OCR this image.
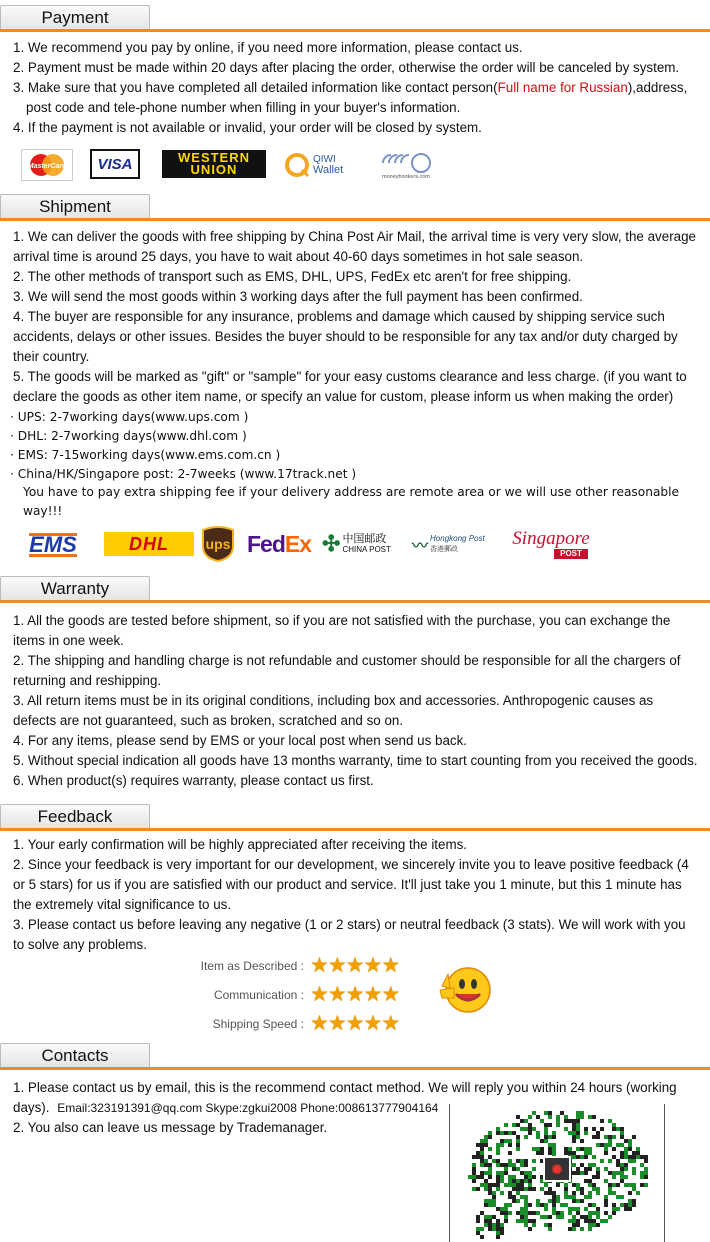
Payment
1. We recommend you pay by online, if you need more information, please contact us.
2. Payment must be made within 20 days after placing the order, otherwise the order will be canceled by system.
3. Make sure that you have completed all detailed information like contact person(Full name for Russian),address,
post code and tele-phone number when filling in your buyer's information.
4. If the payment is not available or invalid, your order will be closed by system.
MasterCard VISA	WESTERN
UNION
QIWI
Wallet
moneybookers.com
Shipment
1. We can deliver the goods with free shipping by China Post Air Mail, the arrival time is very very slow, the average
arrival time is around 25 days, you have to wait about 40-60 days sometimes in hot sale season.
2. The other methods of transport such as EMS, DHL, UPS, FedEx etc aren't for free shipping.
3. We will send the most goods within 3 working days after the full payment has been confirmed.
4. The buyer are responsible for any insurance, problems and damage which caused by shipping service such
accidents, delays or other issues. Besides the buyer should to be responsible for any tax and/or duty charged by
their country.
5. The goods will be marked as "gift" or "sample" for your easy customs clearance and less charge. (if you want to
declare the goods as other item name, or specify an value for custom, please inform us when making the order)
· UPS: 2-7working days(www.ups.com )
· DHL: 2-7working days(www.dhl.com )
· EMS: 7-15working days(www.ems.com.cn )
· China/HK/Singapore post: 2-7weeks (www.17track.net )
You have to pay extra shipping fee if your delivery address are remote area or we will use other reasonable
way!!!
EMS	DHL	ups Fed Ex ✣ 中国邮政
CHINA POST 〰 Hongkong Post
香港郵政	Singapore
POST
Warranty
1. All the goods are tested before shipment, so if you are not satisfied with the purchase, you can exchange the
items in one week.
2. The shipping and handling charge is not refundable and customer should be responsible for all the chargers of
returning and reshipping.
3. All return items must be in its original conditions, including box and accessories. Anthropogenic causes as
defects are not guaranteed, such as broken, scratched and so on.
4. For any items, please send by EMS or your local post when send us back.
5. Without special indication all goods have 13 months warranty, time to start counting from you received the goods.
6. When product(s) requires warranty, please contact us first.
Feedback
1. Your early confirmation will be highly appreciated after receiving the items.
2. Since your feedback is very important for our development, we sincerely invite you to leave positive feedback (4
or 5 stars) for us if you are satisfied with our product and service. It'll just take you 1 minute, but this 1 minute has
the extremely vital significance to us.
3. Please contact us before leaving any negative (1 or 2 stars) or neutral feedback (3 stats). We will work with you
to solve any problems.
Item as Described : ★ ★ ★ ★ ★
Communication : ★ ★ ★ ★ ★
Shipping Speed : ★ ★ ★ ★ ★
Contacts
1. Please contact us by email, this is the recommend contact method. We will reply you within 24 hours (working
days). Email:323191391@qq.com Skype:zgkui2008 Phone:008613777904164
2. You also can leave us message by Trademanager.
✹
